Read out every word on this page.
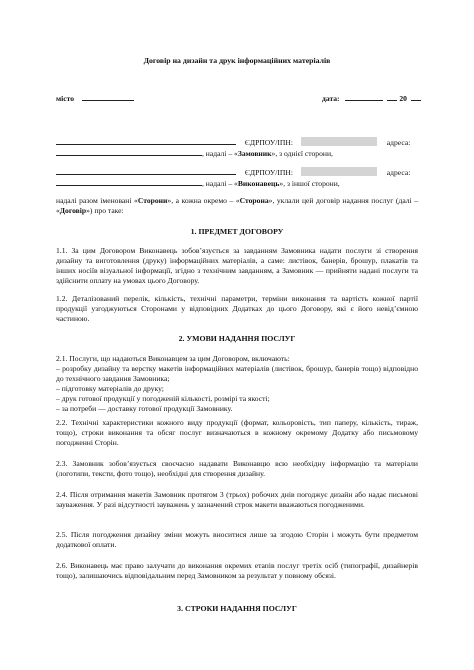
Договір на дизайн та друк інформаційних матеріалів
місто	дата:	20
ЄДРПОУ/ІПН:	адреса:
, надалі – «Замовник», з однієї сторони,
ЄДРПОУ/ІПН:	адреса:
, надалі – «Виконавець», з іншої сторони,
надалі разом іменовані «Сторони», а кожна окремо – «Сторона», уклали цей договір надання послуг (далі – «Договір») про таке:
1. ПРЕДМЕТ ДОГОВОРУ
1.1. За цим Договором Виконавець зобов’язується за завданням Замовника надати послуги зі створення дизайну та виготовлення (друку) інформаційних матеріалів, а саме: листівок, банерів, брошур, плакатів та інших носіїв візуальної інформації, згідно з технічним завданням, а Замовник — прийняти надані послуги та здійснити оплату на умовах цього Договору.
1.2. Деталізований перелік, кількість, технічні параметри, терміни виконання та вартість кожної партії продукції узгоджуються Сторонами у відповідних Додатках до цього Договору, які є його невід’ємною частиною.
2. УМОВИ НАДАННЯ ПОСЛУГ

2.1. Послуги, що надаються Виконавцем за цим Договором, включають:

– розробку дизайну та верстку макетів інформаційних матеріалів (листівок, брошур, банерів тощо) відповідно до технічного завдання Замовника;

– підготовку матеріалів до друку;

– друк готової продукції у погодженій кількості, розмірі та якості;

– за потреби — доставку готової продукції Замовнику.

2.2. Технічні характеристики кожного виду продукції (формат, кольоровість, тип паперу, кількість, тираж, тощо), строки виконання та обсяг послуг визначаються в кожному окремому Додатку або письмовому погодженні Сторін.
2.3. Замовник зобов’язується своєчасно надавати Виконавцю всю необхідну інформацію та матеріали (логотипи, тексти, фото тощо), необхідні для створення дизайну.
2.4. Після отримання макетів Замовник протягом 3 (трьох) робочих днів погоджує дизайн або надає письмові зауваження. У разі відсутності зауважень у зазначений строк макети вважаються погодженими.
2.5. Після погодження дизайну зміни можуть вноситися лише за згодою Сторін і можуть бути предметом додаткової оплати.
2.6. Виконавець має право залучати до виконання окремих етапів послуг третіх осіб (типографії, дизайнерів тощо), залишаючись відповідальним перед Замовником за результат у повному обсязі.
3. СТРОКИ НАДАННЯ ПОСЛУГ
